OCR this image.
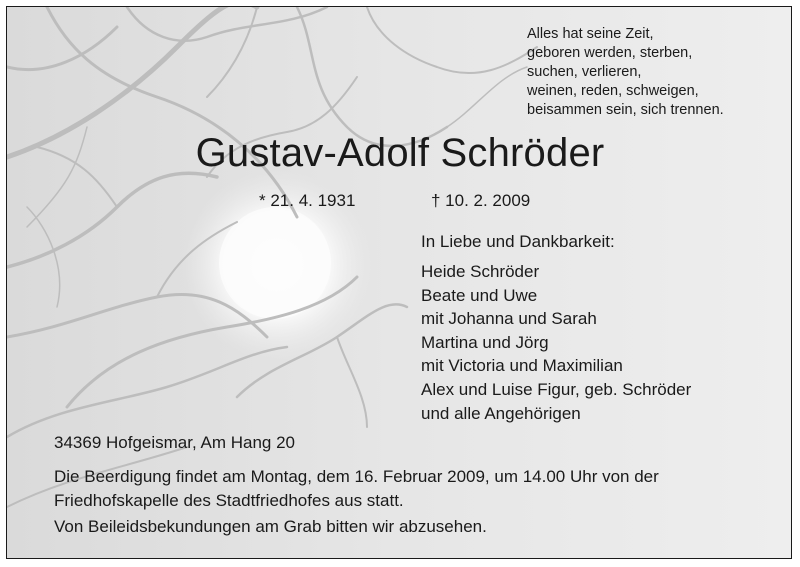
Alles hat seine Zeit,
geboren werden, sterben,
suchen, verlieren,
weinen, reden, schweigen,
beisammen sein, sich trennen.
Gustav-Adolf Schröder
* 21. 4. 1931	† 10. 2. 2009
In Liebe und Dankbarkeit:
Heide Schröder
Beate und Uwe
mit Johanna und Sarah
Martina und Jörg
mit Victoria und Maximilian
Alex und Luise Figur, geb. Schröder
und alle Angehörigen
34369 Hofgeismar, Am Hang 20
Die Beerdigung findet am Montag, dem 16. Februar 2009, um 14.00 Uhr von der Friedhofskapelle des Stadtfriedhofes aus statt.
Von Beileidsbekundungen am Grab bitten wir abzusehen.
